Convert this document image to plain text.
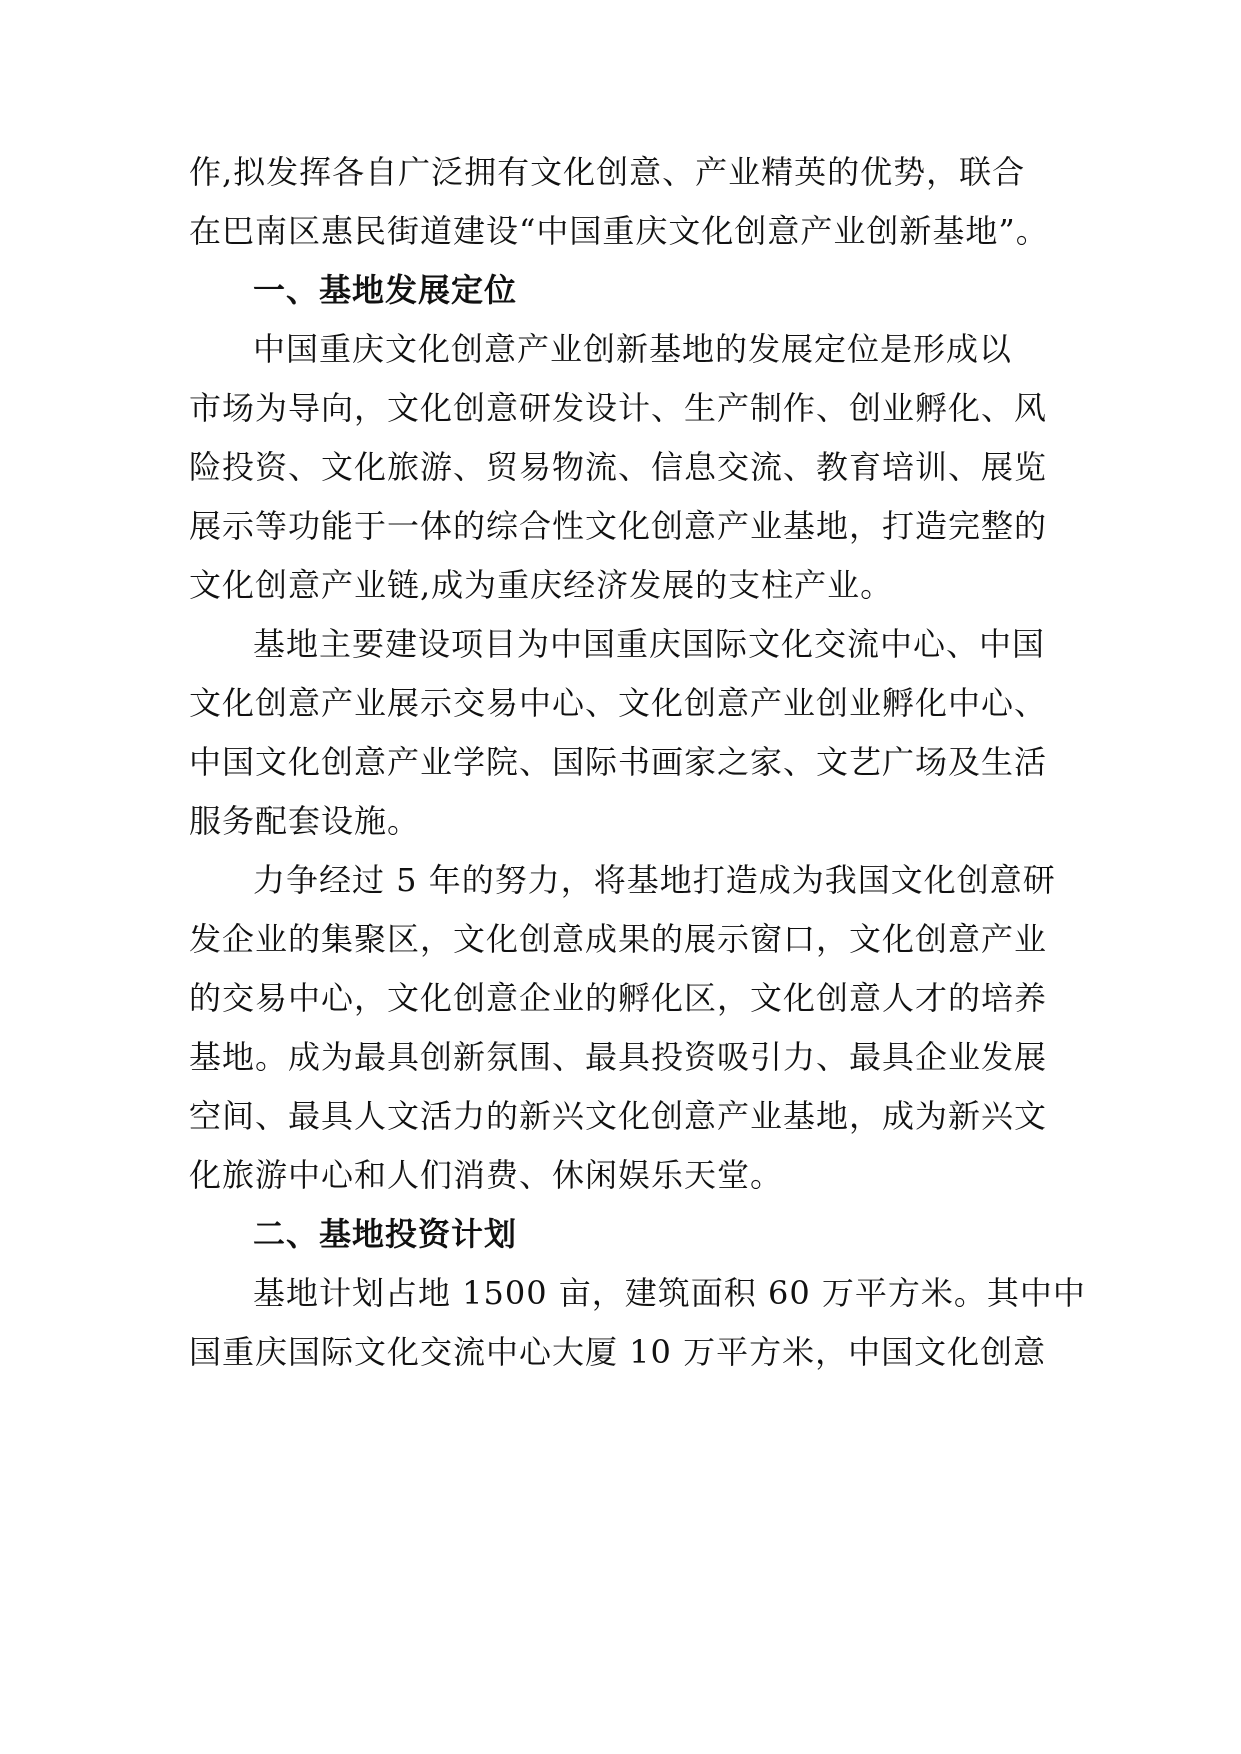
作,拟发挥各自广泛拥有文化创意、产业精英的优势，联合
在巴南区惠民街道建设“中国重庆文化创意产业创新基地”。
一、基地发展定位
中国重庆文化创意产业创新基地的发展定位是形成以
市场为导向，文化创意研发设计、生产制作、创业孵化、风
险投资、文化旅游、贸易物流、信息交流、教育培训、展览
展示等功能于一体的综合性文化创意产业基地，打造完整的
文化创意产业链,成为重庆经济发展的支柱产业。
基地主要建设项目为中国重庆国际文化交流中心、中国
文化创意产业展示交易中心、文化创意产业创业孵化中心、
中国文化创意产业学院、国际书画家之家、文艺广场及生活
服务配套设施。
力争经过 5 年的努力，将基地打造成为我国文化创意研
发企业的集聚区，文化创意成果的展示窗口，文化创意产业
的交易中心，文化创意企业的孵化区，文化创意人才的培养
基地。成为最具创新氛围、最具投资吸引力、最具企业发展
空间、最具人文活力的新兴文化创意产业基地，成为新兴文
化旅游中心和人们消费、休闲娱乐天堂。
二、基地投资计划
基地计划占地 1500 亩，建筑面积 60 万平方米。其中中
国重庆国际文化交流中心大厦 10 万平方米，中国文化创意
